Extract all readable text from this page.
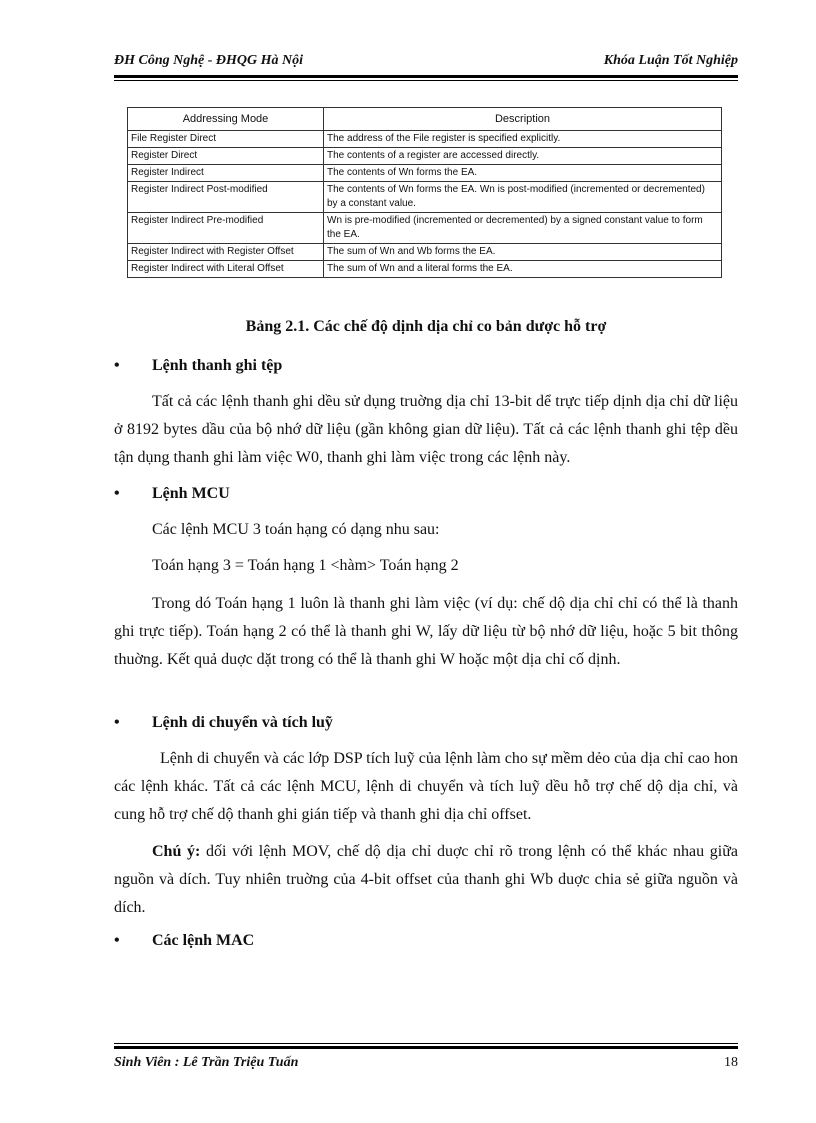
ĐH Công Nghệ - ĐHQG Hà Nội	Khóa Luận Tốt Nghiệp
Addressing Mode	Description
File Register Direct	The address of the File register is specified explicitly.
Register Direct	The contents of a register are accessed directly.
Register Indirect	The contents of Wn forms the EA.
Register Indirect Post-modified	The contents of Wn forms the EA. Wn is post-modified (incremented or decremented) by a constant value.
Register Indirect Pre-modified	Wn is pre-modified (incremented or decremented) by a signed constant value to form the EA.
Register Indirect with Register Offset	The sum of Wn and Wb forms the EA.
Register Indirect with Literal Offset	The sum of Wn and a literal forms the EA.
Bảng 2.1. Các chế độ dịnh dịa chỉ co bản dược hỗ trợ
• Lệnh thanh ghi tệp
Tất cả các lệnh thanh ghi dều sử dụng truờng dịa chỉ 13-bit dể trực tiếp dịnh dịa chỉ dữ liệu ở 8192 bytes dầu của bộ nhớ dữ liệu (gần không gian dữ liệu). Tất cả các lệnh thanh ghi tệp dều tận dụng thanh ghi làm việc W0, thanh ghi làm việc trong các lệnh này.
• Lệnh MCU
Các lệnh MCU 3 toán hạng có dạng nhu sau:
Toán hạng 3 = Toán hạng 1 <hàm> Toán hạng 2
Trong dó Toán hạng 1 luôn là thanh ghi làm việc (ví dụ: chế dộ dịa chỉ chỉ có thể là thanh ghi trực tiếp). Toán hạng 2 có thể là thanh ghi W, lấy dữ liệu từ bộ nhớ dữ liệu, hoặc 5 bit thông thuờng. Kết quả duợc dặt trong có thể là thanh ghi W hoặc một dịa chỉ cố dịnh.
• Lệnh di chuyển và tích luỹ
Lệnh di chuyển và các lớp DSP tích luỹ của lệnh làm cho sự mềm dẻo của dịa chỉ cao hon các lệnh khác. Tất cả các lệnh MCU, lệnh di chuyển và tích luỹ dều hỗ trợ chế dộ dịa chỉ, và cung hỗ trợ chế dộ thanh ghi gián tiếp và thanh ghi dịa chỉ offset.
Chú ý: dối với lệnh MOV, chế dộ dịa chỉ duợc chỉ rõ trong lệnh có thể khác nhau giữa nguồn và dích. Tuy nhiên truờng của 4-bit offset của thanh ghi Wb duợc chia sẻ giữa nguồn và dích.
• Các lệnh MAC
Sinh Viên : Lê Trần Triệu Tuấn	18
